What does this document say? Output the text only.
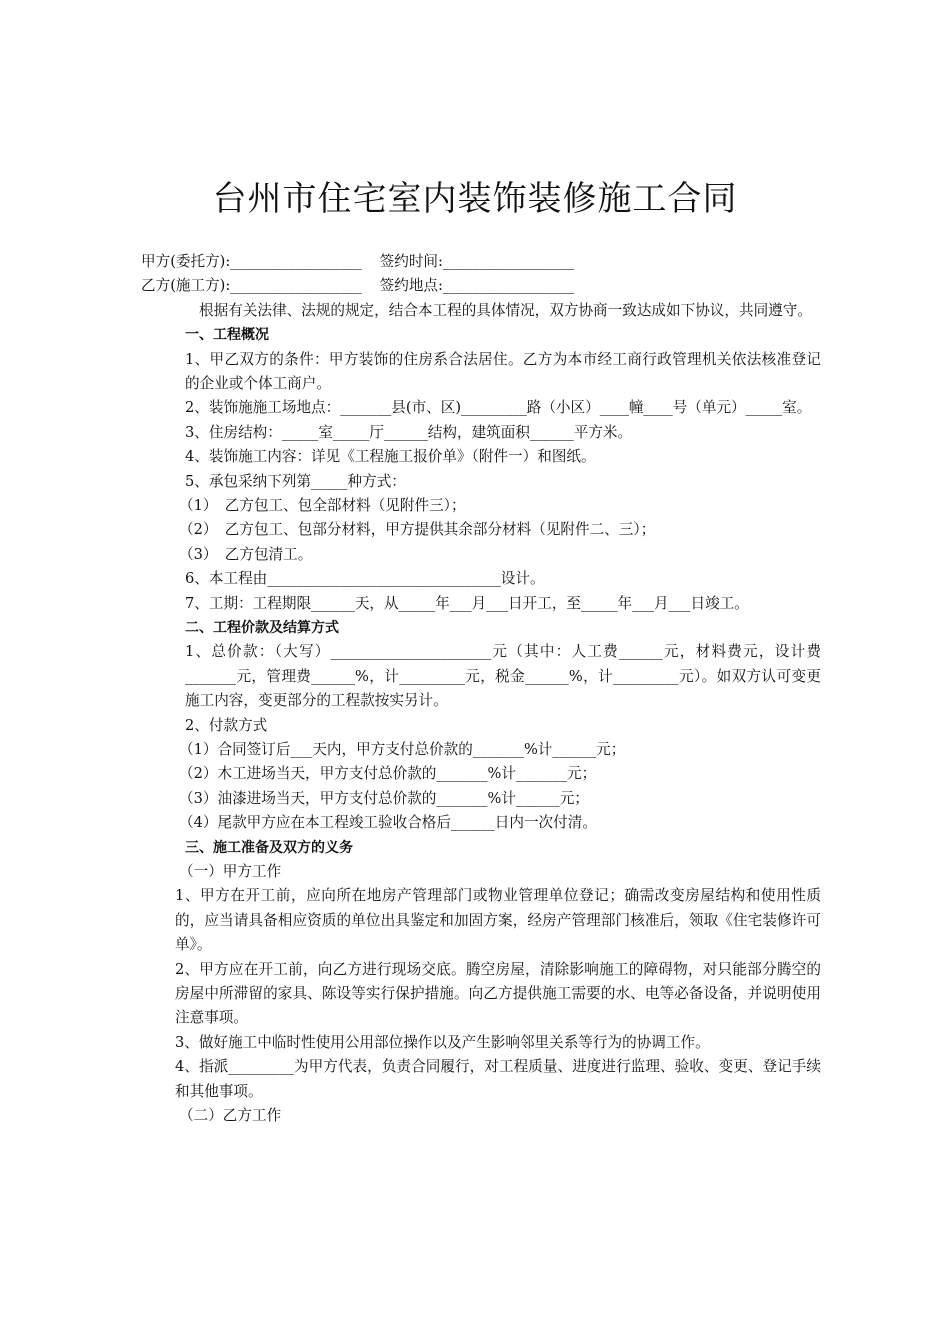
台州市住宅室内装饰装修施工合同
甲方(委托方):__________________ 签约时间:__________________
乙方(施工方):__________________ 签约地点:__________________
根据有关法律、法规的规定，结合本工程的具体情况，双方协商一致达成如下协议，共同遵守。
一、工程概况
1、甲乙双方的条件：甲方装饰的住房系合法居住。乙方为本市经工商行政管理机关依法核准登记的企业或个体工商户。
2、装饰施施工场地点：_______县(市、区)_________路（小区）____幢____号（单元）_____室。
3、住房结构：_____室_____厅______结构，建筑面积______平方米。
4、装饰施工内容：详见《工程施工报价单》（附件一）和图纸。
5、承包采纳下列第_____种方式：
（1）　乙方包工、包全部材料（见附件三）；
（2）　乙方包工、包部分材料，甲方提供其余部分材料（见附件二、三）；
（3）　乙方包清工。
6、本工程由________________________________设计。
7、工期：工程期限______天，从_____年___月___日开工，至_____年___月___日竣工。
二、工程价款及结算方式
1、总价款：（大写）______________________元（其中：人工费______元，材料费元，设计费_______元，管理费______%，计_________元，税金______%，计_________元）。如双方认可变更施工内容，变更部分的工程款按实另计。
2、付款方式
（1）合同签订后___天内，甲方支付总价款的_______%计______元；
（2）木工进场当天，甲方支付总价款的_______%计_______元；
（3）油漆进场当天，甲方支付总价款的_______%计______元；
（4）尾款甲方应在本工程竣工验收合格后______日内一次付清。
三、施工准备及双方的义务
（一）甲方工作
1、甲方在开工前，应向所在地房产管理部门或物业管理单位登记；确需改变房屋结构和使用性质的，应当请具备相应资质的单位出具鉴定和加固方案，经房产管理部门核准后，领取《住宅装修许可单》。
2、甲方应在开工前，向乙方进行现场交底。腾空房屋，清除影响施工的障碍物，对只能部分腾空的房屋中所滞留的家具、陈设等实行保护措施。向乙方提供施工需要的水、电等必备设备，并说明使用注意事项。
3、做好施工中临时性使用公用部位操作以及产生影响邻里关系等行为的协调工作。
4、指派_________为甲方代表，负责合同履行，对工程质量、进度进行监理、验收、变更、登记手续和其他事项。
（二）乙方工作
